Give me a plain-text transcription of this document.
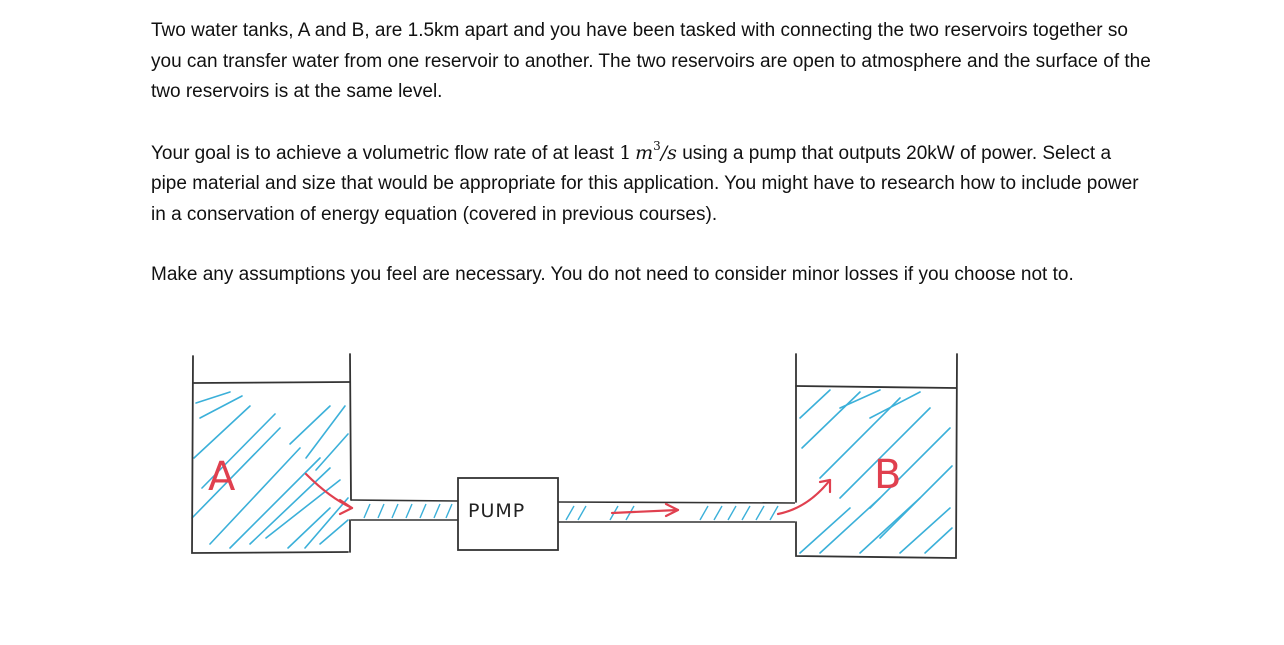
Two water tanks, A and B, are 1.5km apart and you have been tasked with connecting the two reservoirs together so you can transfer water from one reservoir to another. The two reservoirs are open to atmosphere and the surface of the two reservoirs is at the same level.

Your goal is to achieve a volumetric flow rate of at least 1  $m^3/s$ using a pump that outputs 20kW of power. Select a pipe material and size that would be appropriate for this application. You might have to research how to include power in a conservation of energy equation (covered in previous courses).

Make any assumptions you feel are necessary. You do not need to consider minor losses if you choose not to.

A
PUMP
B
